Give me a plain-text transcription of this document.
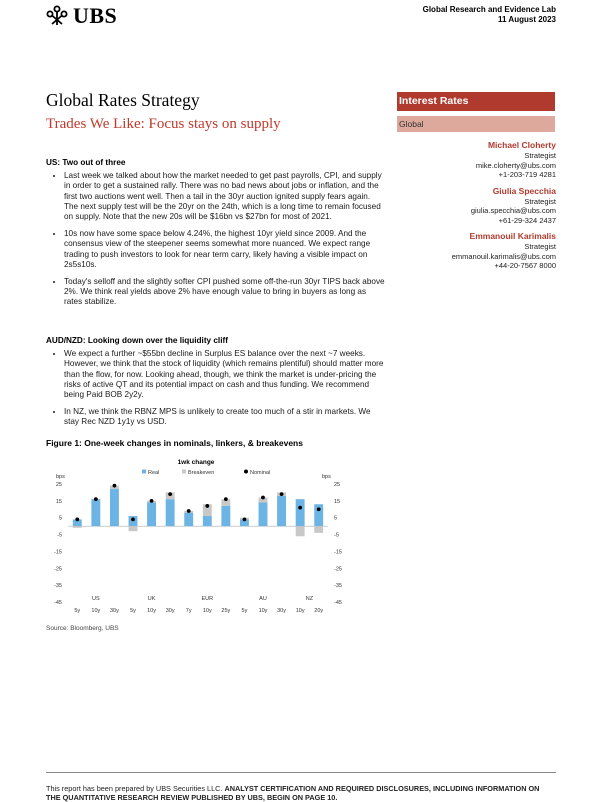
UBS	Global Research and Evidence Lab
11 August 2023
Global Rates Strategy
Trades We Like: Focus stays on supply
Interest Rates
Global
Michael Cloherty
Strategist
mike.cloherty@ubs.com
+1-203-719 4281
Giulia Specchia
Strategist
giulia.specchia@ubs.com
+61-29-324 2437
Emmanouil Karimalis
Strategist
emmanouil.karimalis@ubs.com
+44-20-7567 8000
US: Two out of three
• Last week we talked about how the market needed to get past payrolls, CPI, and supply in order to get a sustained rally. There was no bad news about jobs or inflation, and the first two auctions went well. Then a tail in the 30yr auction ignited supply fears again. The next supply test will be the 20yr on the 24th, which is a long time to remain focused on supply. Note that the new 20s will be $16bn vs $27bn for most of 2021.
• 10s now have some space below 4.24%, the highest 10yr yield since 2009. And the consensus view of the steepener seems somewhat more nuanced. We expect range trading to push investors to look for near term carry, likely having a visible impact on 2s5s10s.
• Today's selloff and the slightly softer CPI pushed some off-the-run 30yr TIPS back above 2%. We think real yields above 2% have enough value to bring in buyers as long as rates stabilize.
AUD/NZD: Looking down over the liquidity cliff
• We expect a further ~$55bn decline in Surplus ES balance over the next ~7 weeks. However, we think that the stock of liquidity (which remains plentiful) should matter more than the flow, for now. Looking ahead, though, we think the market is under-pricing the risks of active QT and its potential impact on cash and thus funding. We recommend being Paid BOB 2y2y.
• In NZ, we think the RBNZ MPS is unlikely to create too much of a stir in markets. We stay Rec NZD 1y1y vs USD.
Figure 1: One-week changes in nominals, linkers, & breakevens
1wk change
Real	Breakeven	Nominal
bps	bps
25	25
15	15
5	5
-5	-5
-15	-15
-25	-25
-35	-35
-45	-45
5y 10y 30y 5y 10y 30y 7y 10y 25y 5y 10y 30y 10y 20y
US	UK	EUR	AU	NZ
Source: Bloomberg, UBS
This report has been prepared by UBS Securities LLC. ANALYST CERTIFICATION AND REQUIRED DISCLOSURES, INCLUDING INFORMATION ON THE QUANTITATIVE RESEARCH REVIEW PUBLISHED BY UBS, BEGIN ON PAGE 10.
